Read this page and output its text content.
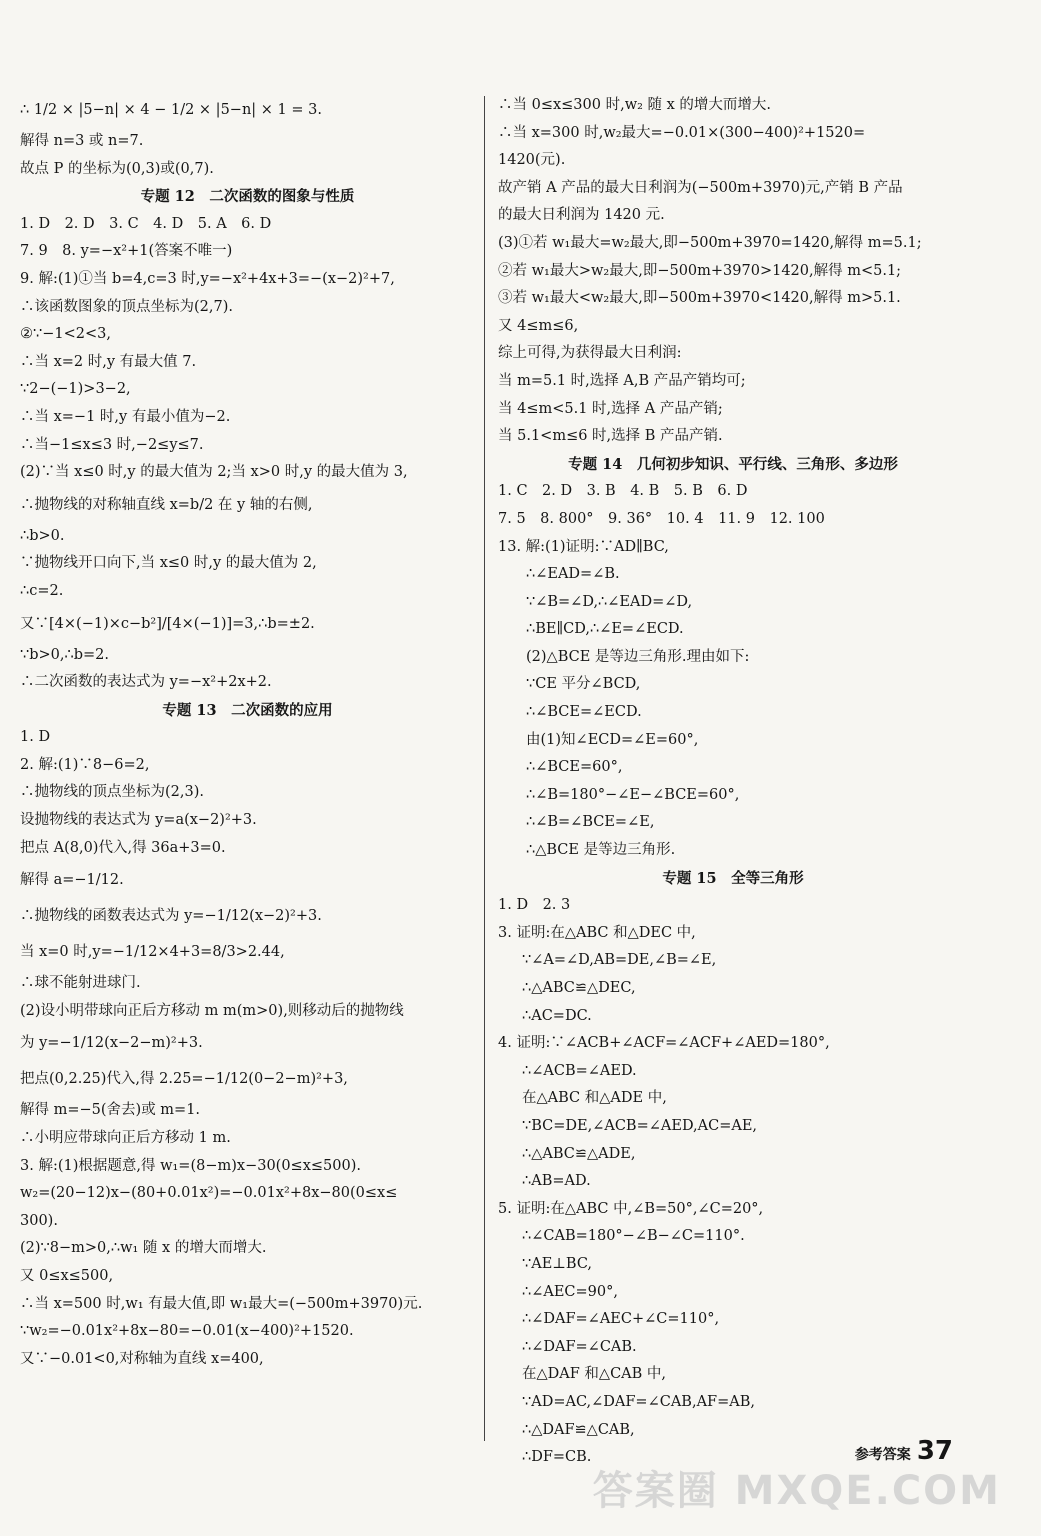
∴ 1/2 × |5−n| × 4 − 1/2 × |5−n| × 1 = 3.
解得 n=3 或 n=7.
故点 P 的坐标为(0,3)或(0,7).
专题 12　二次函数的图象与性质
1. D　2. D　3. C　4. D　5. A　6. D
7. 9　8. y=−x²+1(答案不唯一)
9. 解:(1)①当 b=4,c=3 时,y=−x²+4x+3=−(x−2)²+7,
∴该函数图象的顶点坐标为(2,7).
②∵−1<2<3,
∴当 x=2 时,y 有最大值 7.
∵2−(−1)>3−2,
∴当 x=−1 时,y 有最小值为−2.
∴当−1≤x≤3 时,−2≤y≤7.
(2)∵当 x≤0 时,y 的最大值为 2;当 x>0 时,y 的最大值为 3,
∴抛物线的对称轴直线 x=b/2 在 y 轴的右侧,
∴b>0.
∵抛物线开口向下,当 x≤0 时,y 的最大值为 2,
∴c=2.
又∵[4×(−1)×c−b²]/[4×(−1)]=3,∴b=±2.
∵b>0,∴b=2.
∴二次函数的表达式为 y=−x²+2x+2.
专题 13　二次函数的应用
1. D
2. 解:(1)∵8−6=2,
∴抛物线的顶点坐标为(2,3).
设抛物线的表达式为 y=a(x−2)²+3.
把点 A(8,0)代入,得 36a+3=0.
解得 a=−1/12.
∴抛物线的函数表达式为 y=−1/12(x−2)²+3.
当 x=0 时,y=−1/12×4+3=8/3>2.44,
∴球不能射进球门.
(2)设小明带球向正后方移动 m m(m>0),则移动后的抛物线
为 y=−1/12(x−2−m)²+3.
把点(0,2.25)代入,得 2.25=−1/12(0−2−m)²+3,
解得 m=−5(舍去)或 m=1.
∴小明应带球向正后方移动 1 m.
3. 解:(1)根据题意,得 w₁=(8−m)x−30(0≤x≤500).
w₂=(20−12)x−(80+0.01x²)=−0.01x²+8x−80(0≤x≤
300).
(2)∵8−m>0,∴w₁ 随 x 的增大而增大.
又 0≤x≤500,
∴当 x=500 时,w₁ 有最大值,即 w₁最大=(−500m+3970)元.
∵w₂=−0.01x²+8x−80=−0.01(x−400)²+1520.
又∵−0.01<0,对称轴为直线 x=400,
∴当 0≤x≤300 时,w₂ 随 x 的增大而增大.
∴当 x=300 时,w₂最大=−0.01×(300−400)²+1520=
1420(元).
故产销 A 产品的最大日利润为(−500m+3970)元,产销 B 产品
的最大日利润为 1420 元.
(3)①若 w₁最大=w₂最大,即−500m+3970=1420,解得 m=5.1;
②若 w₁最大>w₂最大,即−500m+3970>1420,解得 m<5.1;
③若 w₁最大<w₂最大,即−500m+3970<1420,解得 m>5.1.
又 4≤m≤6,
综上可得,为获得最大日利润:
当 m=5.1 时,选择 A,B 产品产销均可;
当 4≤m<5.1 时,选择 A 产品产销;
当 5.1<m≤6 时,选择 B 产品产销.
专题 14　几何初步知识、平行线、三角形、多边形
1. C　2. D　3. B　4. B　5. B　6. D
7. 5　8. 800°　9. 36°　10. 4　11. 9　12. 100
13. 解:(1)证明:∵AD∥BC,
∴∠EAD=∠B.
∵∠B=∠D,∴∠EAD=∠D,
∴BE∥CD,∴∠E=∠ECD.
(2)△BCE 是等边三角形.理由如下:
∵CE 平分∠BCD,
∴∠BCE=∠ECD.
由(1)知∠ECD=∠E=60°,
∴∠BCE=60°,
∴∠B=180°−∠E−∠BCE=60°,
∴∠B=∠BCE=∠E,
∴△BCE 是等边三角形.
专题 15　全等三角形
1. D　2. 3
3. 证明:在△ABC 和△DEC 中,
∵∠A=∠D,AB=DE,∠B=∠E,
∴△ABC≌△DEC,
∴AC=DC.
4. 证明:∵∠ACB+∠ACF=∠ACF+∠AED=180°,
∴∠ACB=∠AED.
在△ABC 和△ADE 中,
∵BC=DE,∠ACB=∠AED,AC=AE,
∴△ABC≌△ADE,
∴AB=AD.
5. 证明:在△ABC 中,∠B=50°,∠C=20°,
∴∠CAB=180°−∠B−∠C=110°.
∵AE⊥BC,
∴∠AEC=90°,
∴∠DAF=∠AEC+∠C=110°,
∴∠DAF=∠CAB.
在△DAF 和△CAB 中,
∵AD=AC,∠DAF=∠CAB,AF=AB,
∴△DAF≌△CAB,
∴DF=CB.	参考答案 37
答案圈 MXQE.COM
